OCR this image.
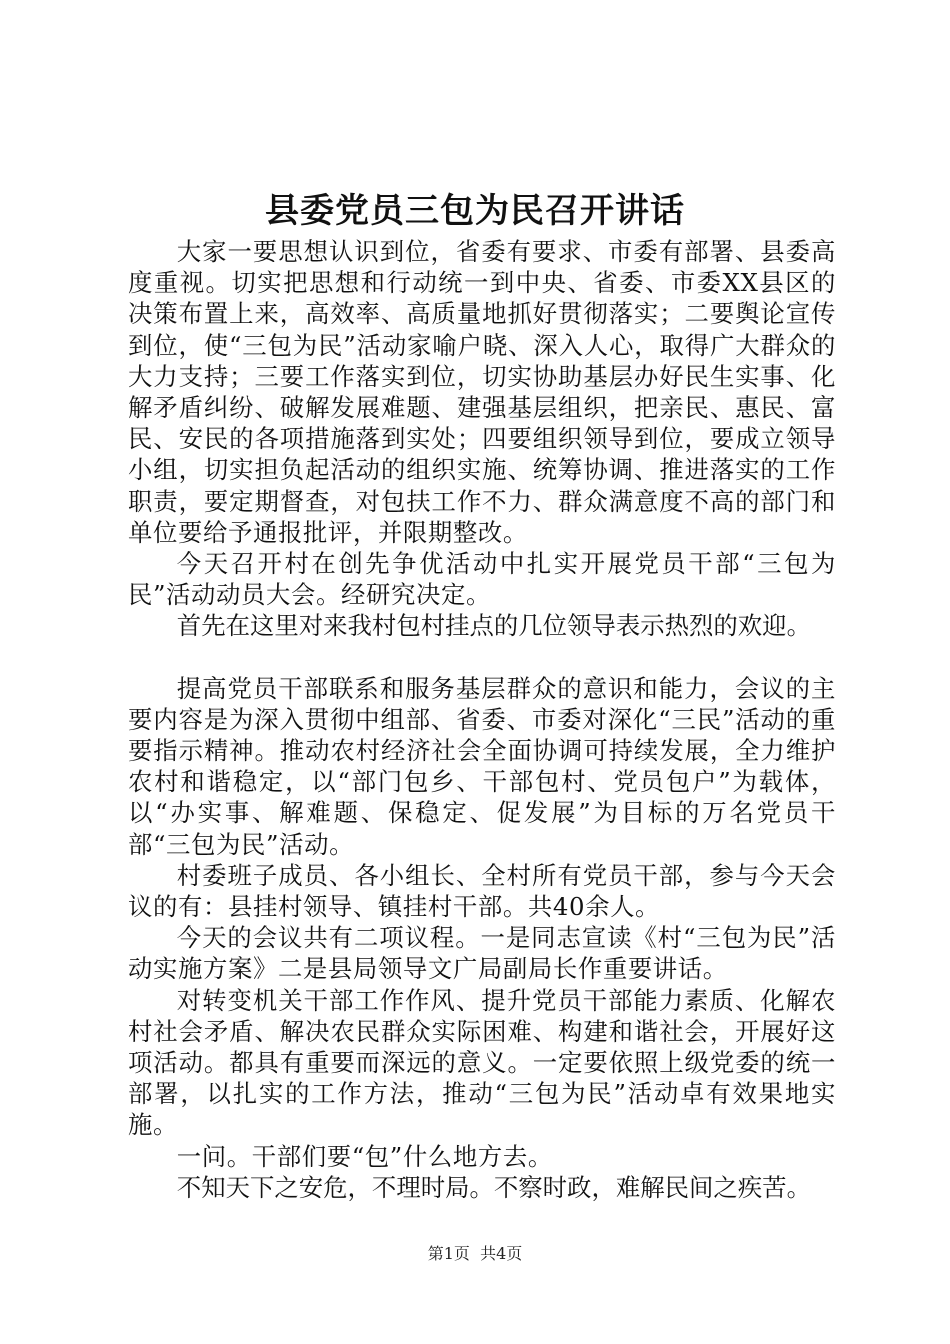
县委党员三包为民召开讲话

大家一要思想认识到位，省委有要求、市委有部署、县委高度重视。切实把思想和行动统一到中央、省委、市委XX县区的决策布置上来，高效率、高质量地抓好贯彻落实；二要舆论宣传到位，使“三包为民”活动家喻户晓、深入人心，取得广大群众的大力支持；三要工作落实到位，切实协助基层办好民生实事、化解矛盾纠纷、破解发展难题、建强基层组织，把亲民、惠民、富民、安民的各项措施落到实处；四要组织领导到位，要成立领导小组，切实担负起活动的组织实施、统筹协调、推进落实的工作职责，要定期督查，对包扶工作不力、群众满意度不高的部门和单位要给予通报批评，并限期整改。

今天召开村在创先争优活动中扎实开展党员干部“三包为民”活动动员大会。经研究决定。

首先在这里对来我村包村挂点的几位领导表示热烈的欢迎。

提高党员干部联系和服务基层群众的意识和能力，会议的主要内容是为深入贯彻中组部、省委、市委对深化“三民”活动的重要指示精神。推动农村经济社会全面协调可持续发展，全力维护农村和谐稳定，以“部门包乡、干部包村、党员包户”为载体，以“办实事、解难题、保稳定、促发展”为目标的万名党员干部“三包为民”活动。

村委班子成员、各小组长、全村所有党员干部，参与今天会议的有：县挂村领导、镇挂村干部。共40余人。

今天的会议共有二项议程。一是同志宣读《村“三包为民”活动实施方案》二是县局领导文广局副局长作重要讲话。

对转变机关干部工作作风、提升党员干部能力素质、化解农村社会矛盾、解决农民群众实际困难、构建和谐社会，开展好这项活动。都具有重要而深远的意义。一定要依照上级党委的统一部署，以扎实的工作方法，推动“三包为民”活动卓有效果地实施。

一问。干部们要“包”什么地方去。

不知天下之安危，不理时局。不察时政，难解民间之疾苦。

第1页 共4页
